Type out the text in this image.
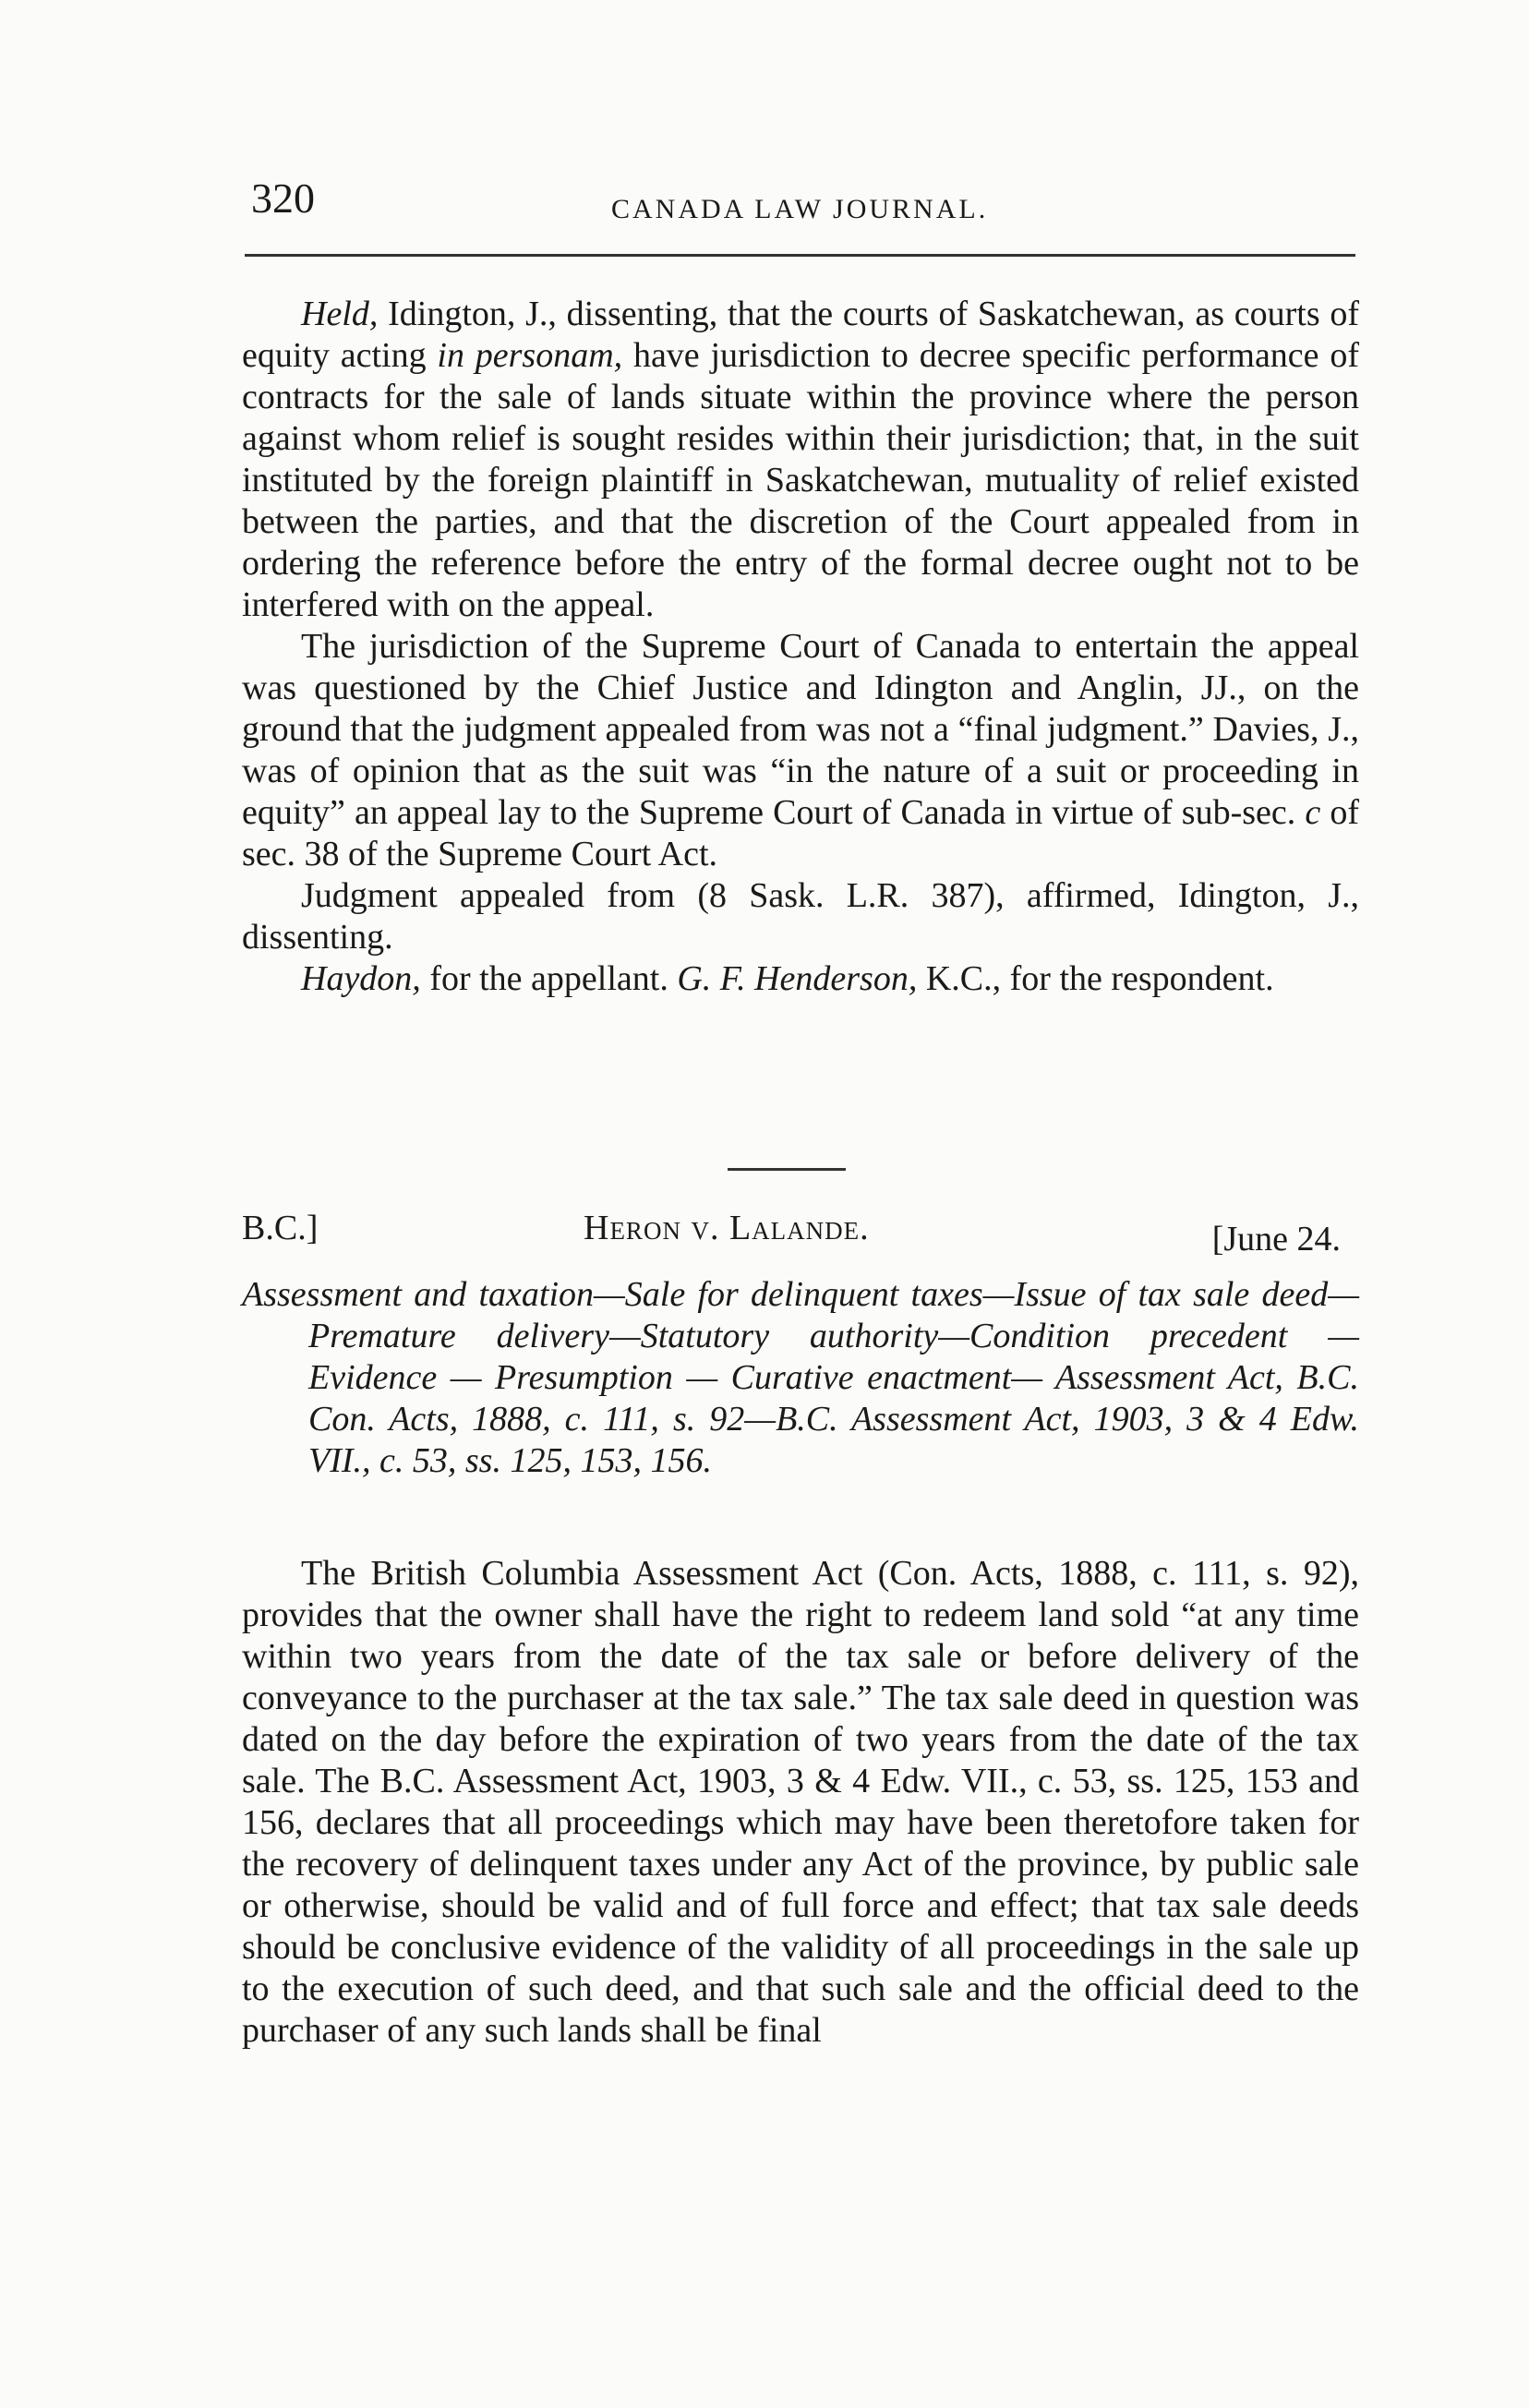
320	CANADA LAW JOURNAL.

Held, Idington, J., dissenting, that the courts of Saskatchewan, as courts of equity acting in personam, have jurisdiction to decree specific performance of contracts for the sale of lands situate within the province where the person against whom relief is sought resides within their jurisdiction; that, in the suit instituted by the foreign plaintiff in Saskatchewan, mutuality of relief existed between the parties, and that the discretion of the Court appealed from in ordering the reference before the entry of the formal decree ought not to be interfered with on the appeal.

The jurisdiction of the Supreme Court of Canada to entertain the appeal was questioned by the Chief Justice and Idington and Anglin, JJ., on the ground that the judgment appealed from was not a “final judgment.” Davies, J., was of opinion that as the suit was “in the nature of a suit or proceeding in equity” an appeal lay to the Supreme Court of Canada in virtue of sub-sec. c of sec. 38 of the Supreme Court Act.

Judgment appealed from (8 Sask. L.R. 387), affirmed, Idington, J., dissenting.

Haydon, for the appellant. G. F. Henderson, K.C., for the respondent.

B.C.]	Heron v. Lalande.	[June 24.

Assessment and taxation—Sale for delinquent taxes—Issue of tax sale deed—Premature delivery—Statutory authority—Condition precedent — Evidence — Presumption — Curative enactment— Assessment Act, B.C. Con. Acts, 1888, c. 111, s. 92—B.C. Assessment Act, 1903, 3 & 4 Edw. VII., c. 53, ss. 125, 153, 156.

The British Columbia Assessment Act (Con. Acts, 1888, c. 111, s. 92), provides that the owner shall have the right to redeem land sold “at any time within two years from the date of the tax sale or before delivery of the conveyance to the purchaser at the tax sale.” The tax sale deed in question was dated on the day before the expiration of two years from the date of the tax sale. The B.C. Assessment Act, 1903, 3 & 4 Edw. VII., c. 53, ss. 125, 153 and 156, declares that all proceedings which may have been theretofore taken for the recovery of delinquent taxes under any Act of the province, by public sale or otherwise, should be valid and of full force and effect; that tax sale deeds should be conclusive evidence of the validity of all proceedings in the sale up to the execution of such deed, and that such sale and the official deed to the purchaser of any such lands shall be final
